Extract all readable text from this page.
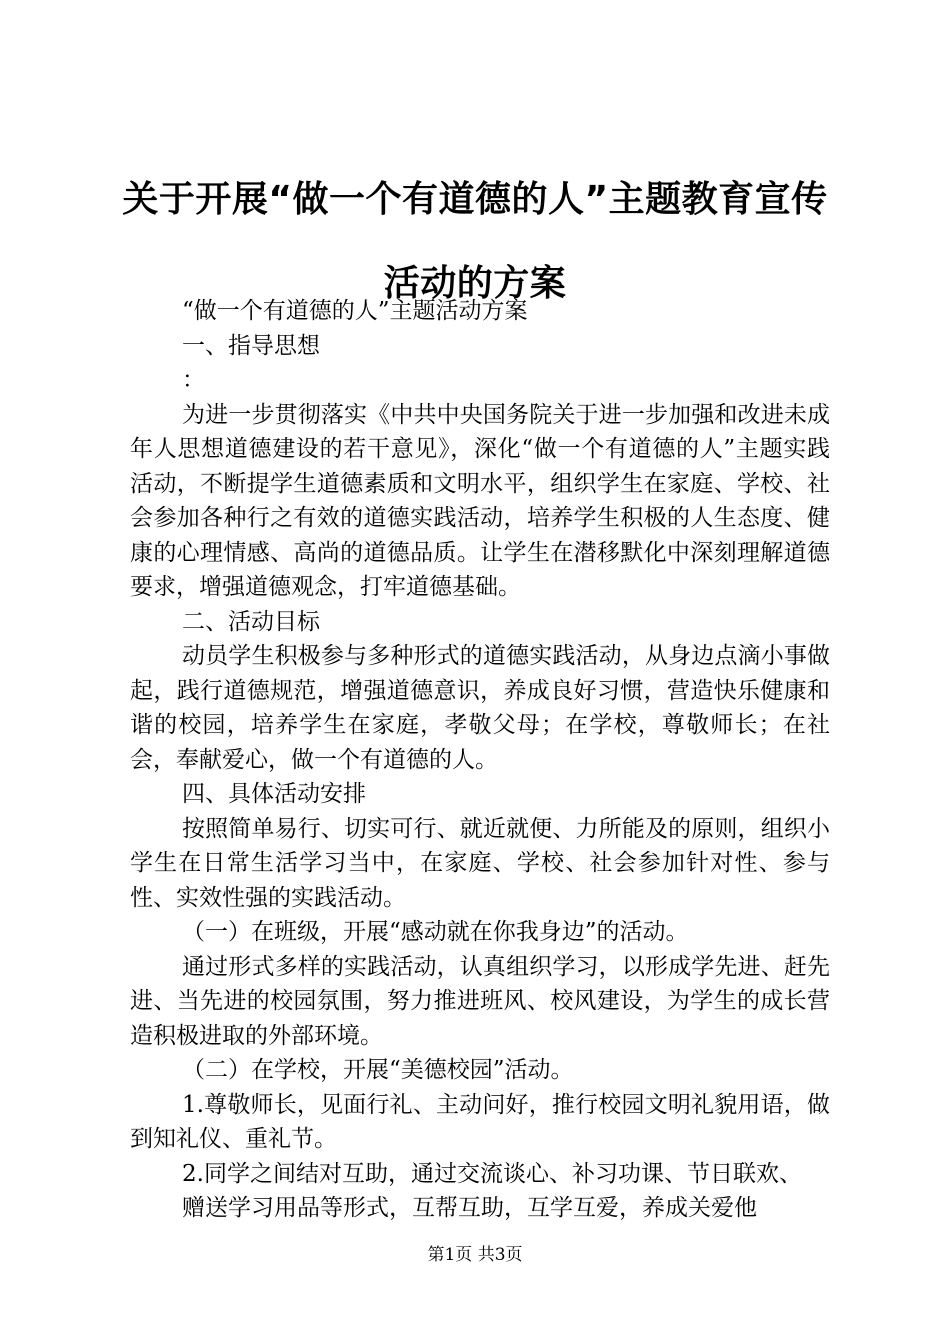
关于开展“做一个有道德的人”主题教育宣传活动的方案

“做一个有道德的人”主题活动方案

一、指导思想

：

为进一步贯彻落实《中共中央国务院关于进一步加强和改进未成年人思想道德建设的若干意见》，深化“做一个有道德的人”主题实践活动，不断提学生道德素质和文明水平，组织学生在家庭、学校、社会参加各种行之有效的道德实践活动，培养学生积极的人生态度、健康的心理情感、高尚的道德品质。让学生在潜移默化中深刻理解道德要求，增强道德观念，打牢道德基础。

二、活动目标

动员学生积极参与多种形式的道德实践活动，从身边点滴小事做起，践行道德规范，增强道德意识，养成良好习惯，营造快乐健康和谐的校园，培养学生在家庭，孝敬父母；在学校，尊敬师长；在社会，奉献爱心，做一个有道德的人。

四、具体活动安排

按照简单易行、切实可行、就近就便、力所能及的原则，组织小学生在日常生活学习当中，在家庭、学校、社会参加针对性、参与性、实效性强的实践活动。

（一）在班级，开展“感动就在你我身边”的活动。

通过形式多样的实践活动，认真组织学习，以形成学先进、赶先进、当先进的校园氛围，努力推进班风、校风建设，为学生的成长营造积极进取的外部环境。

（二）在学校，开展“美德校园”活动。

1.尊敬师长，见面行礼、主动问好，推行校园文明礼貌用语，做到知礼仪、重礼节。

2.同学之间结对互助，通过交流谈心、补习功课、节日联欢、

赠送学习用品等形式，互帮互助，互学互爱，养成关爱他

第1页 共3页
